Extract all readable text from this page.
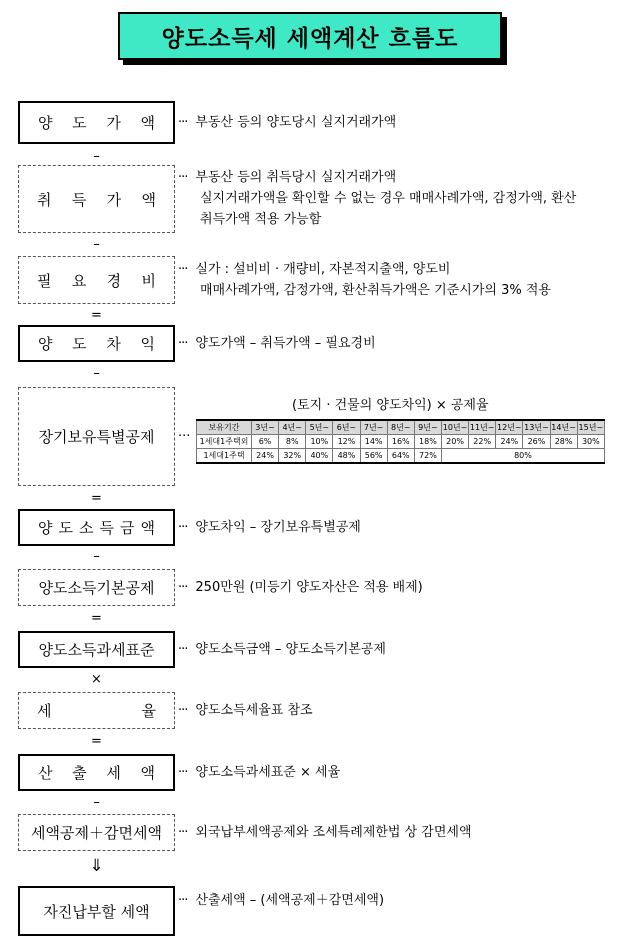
양도소득세 세액계산 흐름도
양 도 가 액 ··· 부동산 등의 양도당시 실지거래가액
–
취 득 가 액
··· 부동산 등의 취득당시 실지거래가액
실지거래가액을 확인할 수 없는 경우 매매사례가액, 감정가액, 환산
취득가액 적용 가능함
–
필 요 경 비
··· 실가 : 설비비 · 개량비, 자본적지출액, 양도비
매매사례가액, 감정가액, 환산취득가액은 기준시가의 3% 적용
=
양 도 차 익 ··· 양도가액 – 취득가액 – 필요경비
–
장기보유특별공제 ···
(토지 · 건물의 양도차익) × 공제율
보유기간	3년~	4년~	5년~	6년~	7년~	8년~	9년~	10년~	11년~	12년~	13년~	14년~	15년~
1세대1주택외	6%	8%	10%	12%	14%	16%	18%	20%	22%	24%	26%	28%	30%
1세대1주택	24%	32%	40%	48%	56%	64%	72%	80%					
=
양 도 소 득 금 액 ··· 양도차익 – 장기보유특별공제
–
양도소득기본공제 ··· 250만원 (미등기 양도자산은 적용 배제)
=
양도소득과세표준 ··· 양도소득금액 – 양도소득기본공제
×
세	율 ··· 양도소득세율표 참조
=
산 출 세 액 ··· 양도소득과세표준 × 세율
–
세액공제＋감면세액 ··· 외국납부세액공제와 조세특례제한법 상 감면세액
⇓
자진납부할 세액
··· 산출세액 – (세액공제＋감면세액)
